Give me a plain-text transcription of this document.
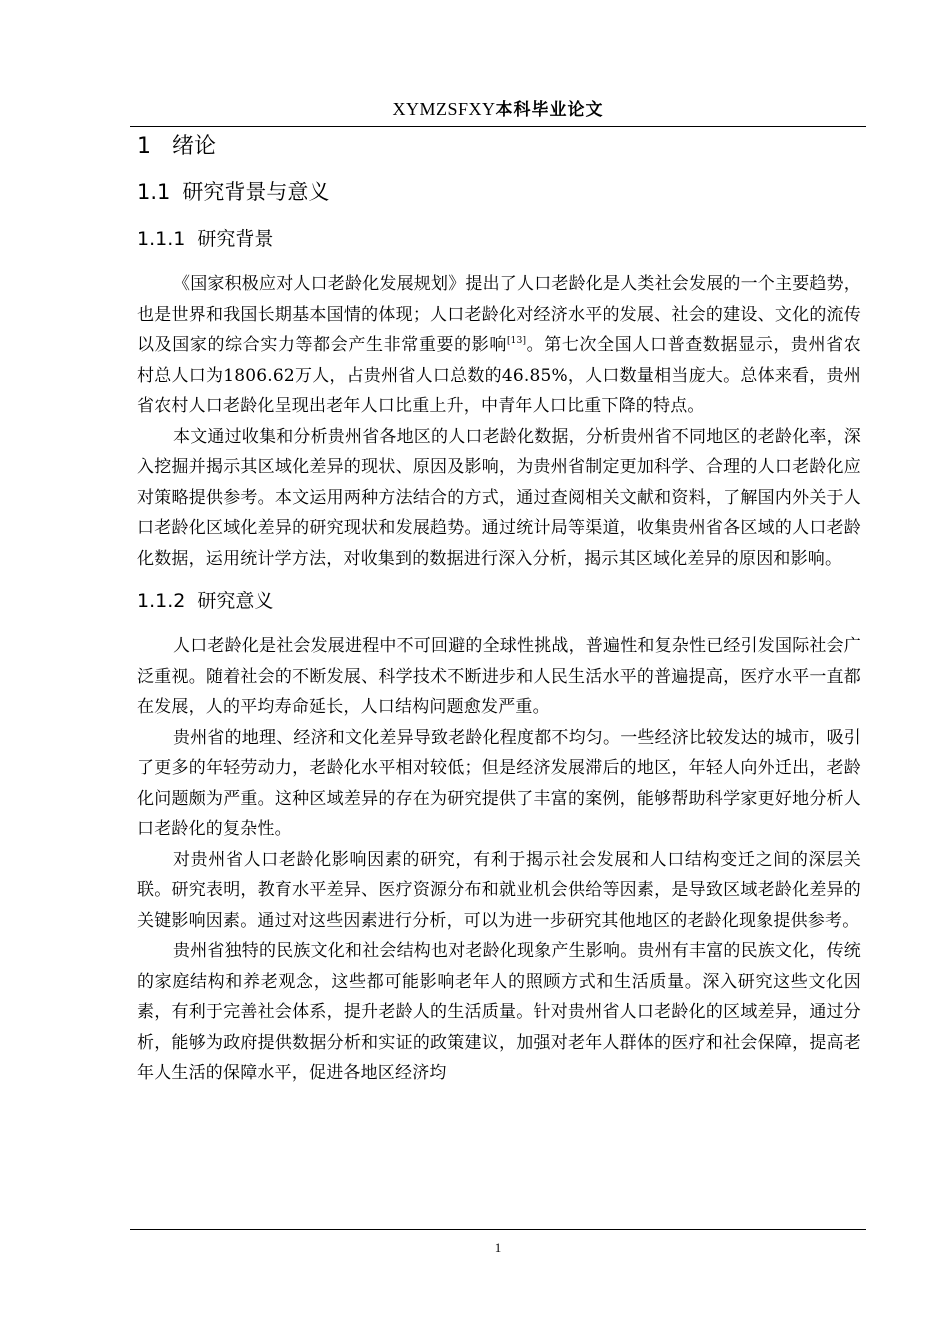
XYMZSFXY本科毕业论文
1 绪论
1.1 研究背景与意义
1.1.1 研究背景

《国家积极应对人口老龄化发展规划》提出了人口老龄化是人类社会发展的一个主要趋势，也是世界和我国长期基本国情的体现；人口老龄化对经济水平的发展、社会的建设、文化的流传以及国家的综合实力等都会产生非常重要的影响[13]。第七次全国人口普查数据显示，贵州省农村总人口为1806.62万人，占贵州省人口总数的46.85%，人口数量相当庞大。总体来看，贵州省农村人口老龄化呈现出老年人口比重上升，中青年人口比重下降的特点。

本文通过收集和分析贵州省各地区的人口老龄化数据，分析贵州省不同地区的老龄化率，深入挖掘并揭示其区域化差异的现状、原因及影响，为贵州省制定更加科学、合理的人口老龄化应对策略提供参考。本文运用两种方法结合的方式，通过查阅相关文献和资料，了解国内外关于人口老龄化区域化差异的研究现状和发展趋势。通过统计局等渠道，收集贵州省各区域的人口老龄化数据，运用统计学方法，对收集到的数据进行深入分析，揭示其区域化差异的原因和影响。

1.1.2 研究意义

人口老龄化是社会发展进程中不可回避的全球性挑战，普遍性和复杂性已经引发国际社会广泛重视。随着社会的不断发展、科学技术不断进步和人民生活水平的普遍提高，医疗水平一直都在发展，人的平均寿命延长，人口结构问题愈发严重。

贵州省的地理、经济和文化差异导致老龄化程度都不均匀。一些经济比较发达的城市，吸引了更多的年轻劳动力，老龄化水平相对较低；但是经济发展滞后的地区，年轻人向外迁出，老龄化问题颇为严重。这种区域差异的存在为研究提供了丰富的案例，能够帮助科学家更好地分析人口老龄化的复杂性。

对贵州省人口老龄化影响因素的研究，有利于揭示社会发展和人口结构变迁之间的深层关联。研究表明，教育水平差异、医疗资源分布和就业机会供给等因素，是导致区域老龄化差异的关键影响因素。通过对这些因素进行分析，可以为进一步研究其他地区的老龄化现象提供参考。

贵州省独特的民族文化和社会结构也对老龄化现象产生影响。贵州有丰富的民族文化，传统的家庭结构和养老观念，这些都可能影响老年人的照顾方式和生活质量。深入研究这些文化因素，有利于完善社会体系，提升老龄人的生活质量。针对贵州省人口老龄化的区域差异，通过分析，能够为政府提供数据分析和实证的政策建议，加强对老年人群体的医疗和社会保障，提高老年人生活的保障水平，促进各地区经济均

1
